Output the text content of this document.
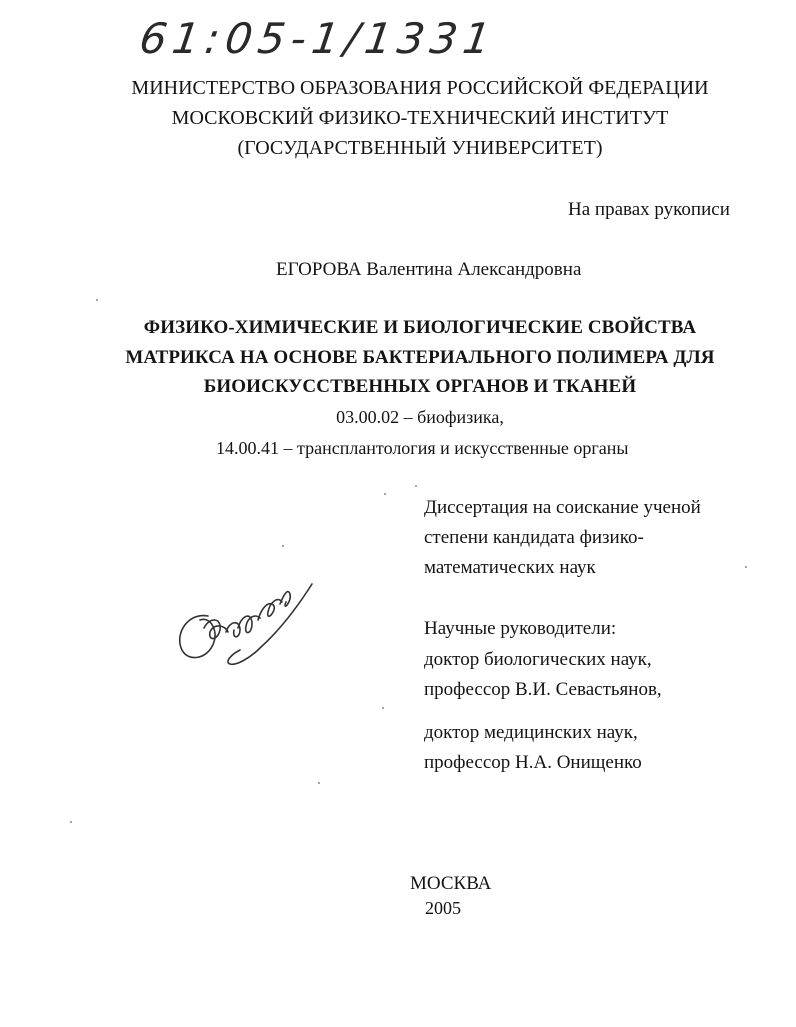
61:05-1/1331
МИНИСТЕРСТВО ОБРАЗОВАНИЯ РОССИЙСКОЙ ФЕДЕРАЦИИ
МОСКОВСКИЙ ФИЗИКО-ТЕХНИЧЕСКИЙ ИНСТИТУТ
(ГОСУДАРСТВЕННЫЙ УНИВЕРСИТЕТ)
На правах рукописи
ЕГОРОВА Валентина Александровна
ФИЗИКО-ХИМИЧЕСКИЕ И БИОЛОГИЧЕСКИЕ СВОЙСТВА
МАТРИКСА НА ОСНОВЕ БАКТЕРИАЛЬНОГО ПОЛИМЕРА ДЛЯ
БИОИСКУССТВЕННЫХ ОРГАНОВ И ТКАНЕЙ
03.00.02 – биофизика,
14.00.41 – трансплантология и искусственные органы
Диссертация на соискание ученой
степени кандидата физико-
математических наук
Научные руководители:
доктор биологических наук,
профессор В.И. Севастьянов,
доктор медицинских наук,
профессор Н.А. Онищенко
МОСКВА
2005
